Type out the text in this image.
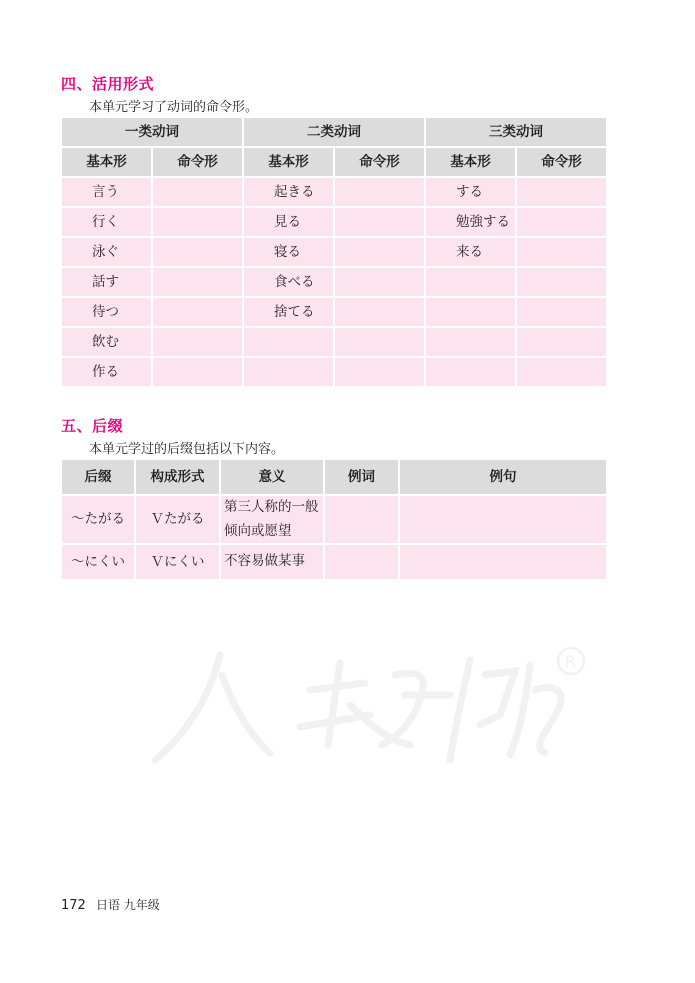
四、活用形式
本单元学习了动词的命令形。
一类动词		二类动词		三类动词	
基本形	命令形	基本形	命令形	基本形	命令形
言う		起きる		する	
行く		見る		勉強する	
泳ぐ		寝る		来る	
話す		食べる			
待つ		捨てる			
飲む					
作る					
五、后缀
本单元学过的后缀包括以下内容。
后缀	构成形式	意义	例词	例句
～たがる	Ｖたがる	第三人称的一般倾向或愿望		
～にくい	Ｖにくい	不容易做某事		
R
172 日语 九年级
